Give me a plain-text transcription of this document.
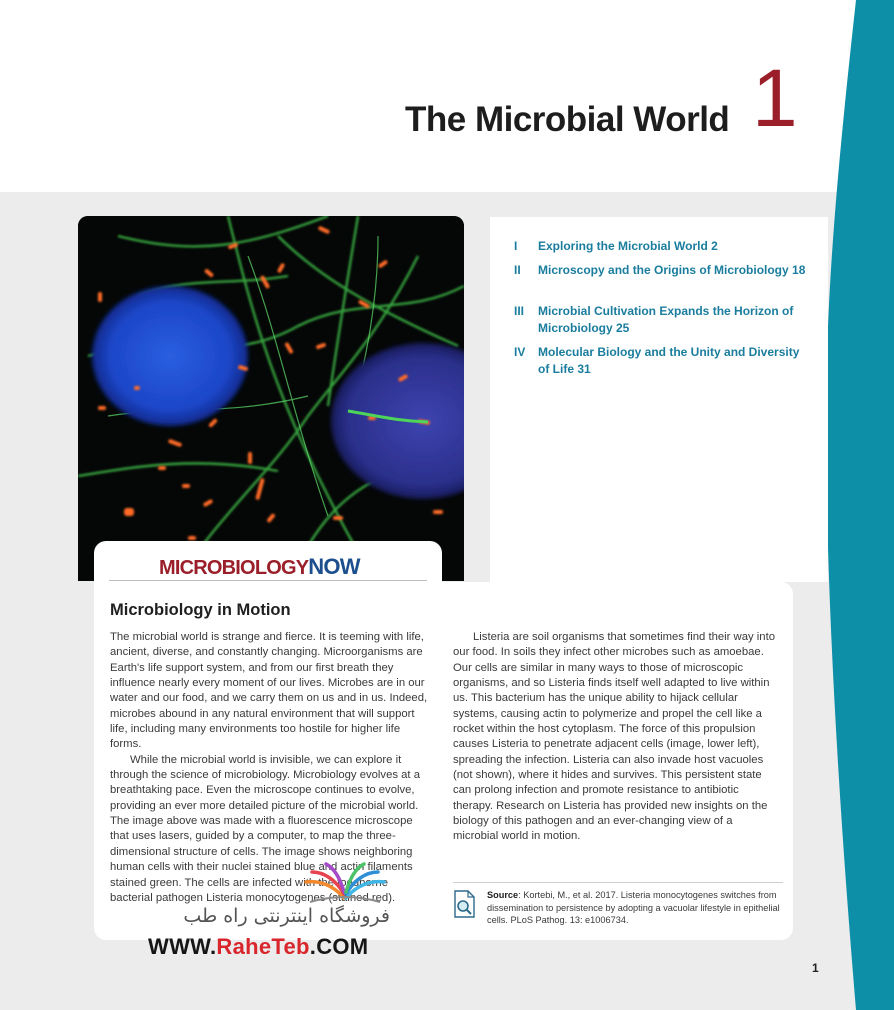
The Microbial World 1
I	Exploring the Microbial World 2
II	Microscopy and the Origins of Microbiology 18
III	Microbial Cultivation Expands the Horizon of Microbiology 25
IV	Molecular Biology and the Unity and Diversity of Life 31
Microbiology in Motion

The microbial world is strange and fierce. It is teeming with life, ancient, diverse, and constantly changing. Microorganisms are Earth's life support system, and from our first breath they influence nearly every moment of our lives. Microbes are in our water and our food, and we carry them on us and in us. Indeed, microbes abound in any natural environment that will support life, including many environments too hostile for higher life forms.

While the microbial world is invisible, we can explore it through the science of microbiology. Microbiology evolves at a breathtaking pace. Even the microscope continues to evolve, providing an ever more detailed picture of the microbial world. The image above was made with a fluorescence microscope that uses lasers, guided by a computer, to map the three-dimensional structure of cells. The image shows neighboring human cells with their nuclei stained blue and actin filaments stained green. The cells are infected with the foodborne bacterial pathogen Listeria monocytogenes (stained red).

Listeria are soil organisms that sometimes find their way into our food. In soils they infect other microbes such as amoebae. Our cells are similar in many ways to those of microscopic organisms, and so Listeria finds itself well adapted to live within us. This bacterium has the unique ability to hijack cellular systems, causing actin to polymerize and propel the cell like a rocket within the host cytoplasm. The force of this propulsion causes Listeria to penetrate adjacent cells (image, lower left), spreading the infection. Listeria can also invade host vacuoles (not shown), where it hides and survives. This persistent state can prolong infection and promote resistance to antibiotic therapy. Research on Listeria has provided new insights on the biology of this pathogen and an ever-changing view of a microbial world in motion.

Source: Kortebi, M., et al. 2017. Listeria monocytogenes switches from dissemination to persistence by adopting a vacuolar lifestyle in epithelial cells. PLoS Pathog. 13: e1006734.
MICROBIOLOGYNOW
فروشگاه اینترنتی راه طب
WWW.RaheTeb.COM
1
